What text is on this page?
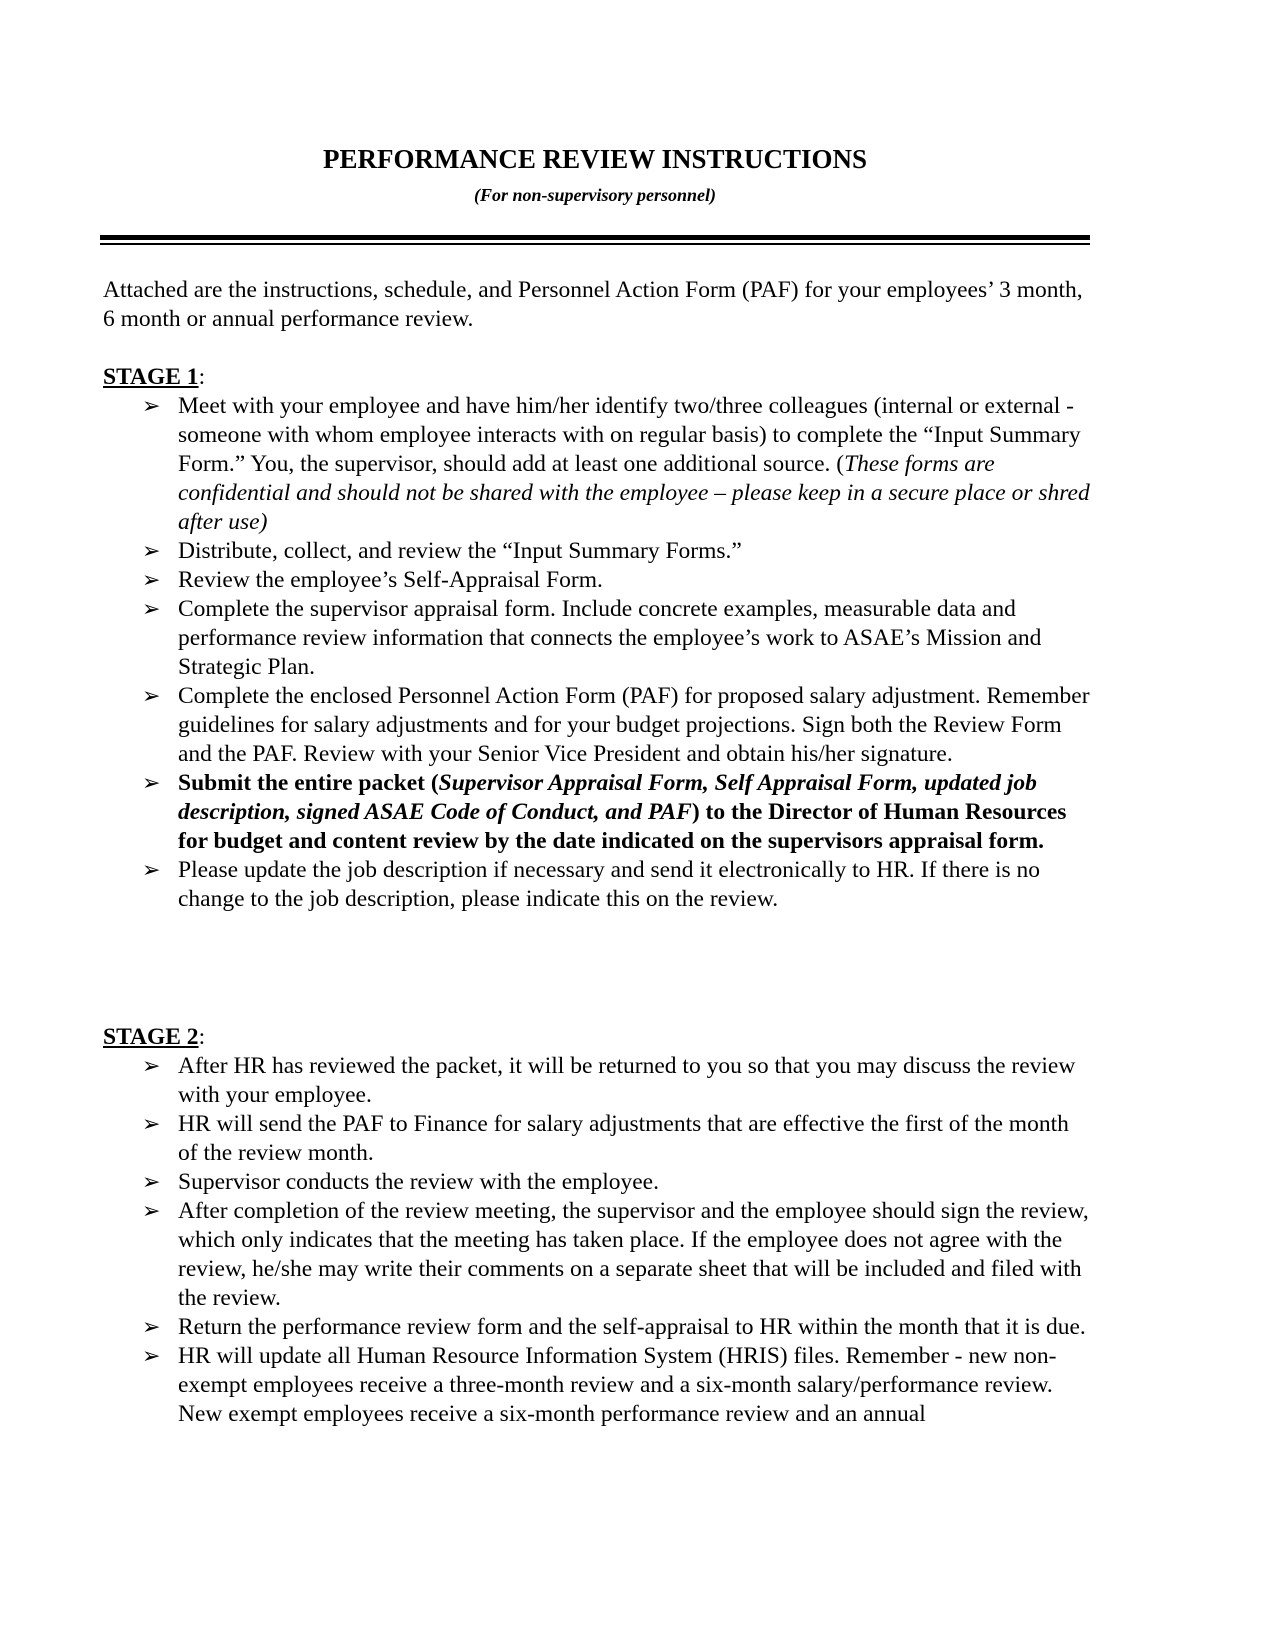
PERFORMANCE REVIEW INSTRUCTIONS
(For non-supervisory personnel)

Attached are the instructions, schedule, and Personnel Action Form (PAF) for your employees’ 3 month, 6 month or annual performance review.

STAGE 1:

➢ Meet with your employee and have him/her identify two/three colleagues (internal or external - someone with whom employee interacts with on regular basis) to complete the “Input Summary Form.” You, the supervisor, should add at least one additional source. (These forms are confidential and should not be shared with the employee – please keep in a secure place or shred after use)
➢ Distribute, collect, and review the “Input Summary Forms.”
➢ Review the employee’s Self-Appraisal Form.
➢ Complete the supervisor appraisal form. Include concrete examples, measurable data and performance review information that connects the employee’s work to ASAE’s Mission and Strategic Plan.
➢ Complete the enclosed Personnel Action Form (PAF) for proposed salary adjustment. Remember guidelines for salary adjustments and for your budget projections. Sign both the Review Form and the PAF. Review with your Senior Vice President and obtain his/her signature.
➢ Submit the entire packet (Supervisor Appraisal Form, Self Appraisal Form, updated job description, signed ASAE Code of Conduct, and PAF) to the Director of Human Resources for budget and content review by the date indicated on the supervisors appraisal form.
➢ Please update the job description if necessary and send it electronically to HR. If there is no change to the job description, please indicate this on the review.

STAGE 2:

➢ After HR has reviewed the packet, it will be returned to you so that you may discuss the review with your employee.
➢ HR will send the PAF to Finance for salary adjustments that are effective the first of the month of the review month.
➢ Supervisor conducts the review with the employee.
➢ After completion of the review meeting, the supervisor and the employee should sign the review, which only indicates that the meeting has taken place. If the employee does not agree with the review, he/she may write their comments on a separate sheet that will be included and filed with the review.
➢ Return the performance review form and the self-appraisal to HR within the month that it is due.
➢ HR will update all Human Resource Information System (HRIS) files. Remember - new non-exempt employees receive a three-month review and a six-month salary/performance review. New exempt employees receive a six-month performance review and an annual
